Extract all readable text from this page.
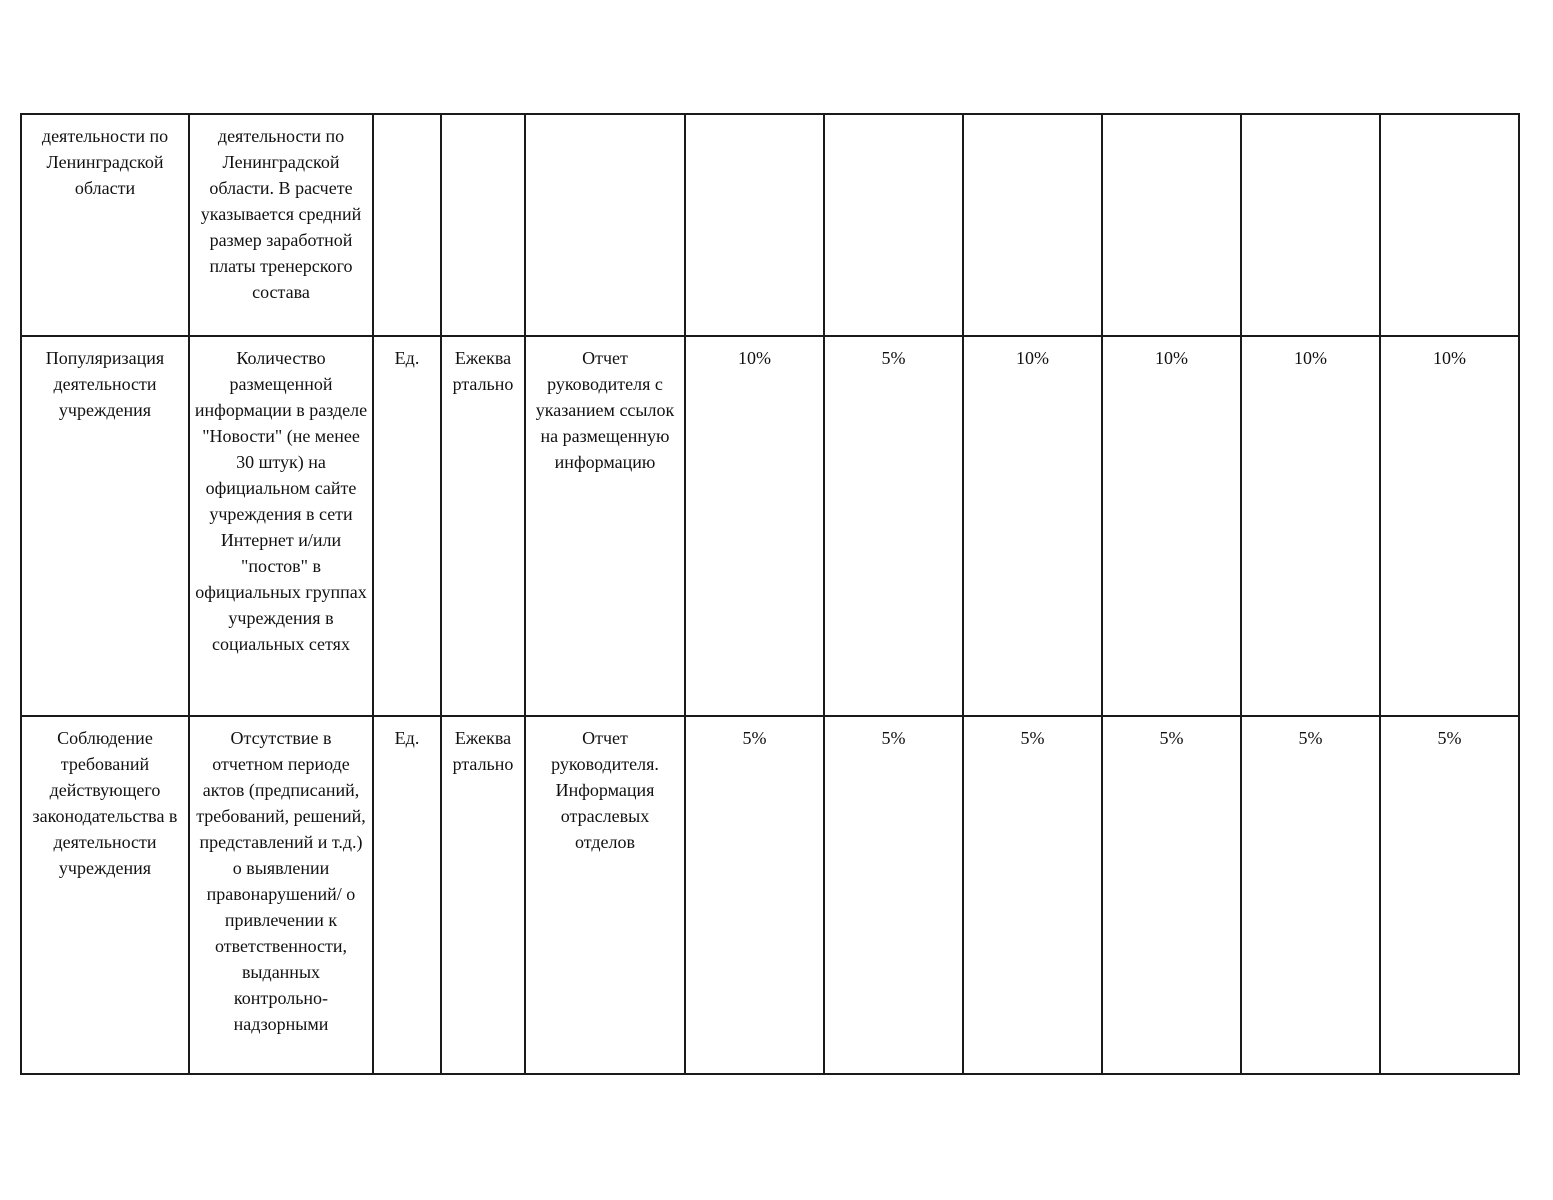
деятельности по Ленинградской области	деятельности по Ленинградской области. В расчете указывается средний размер заработной платы тренерского состава									

Популяризация деятельности учреждения	Количество размещенной информации в разделе "Новости" (не менее 30 штук) на официальном сайте учреждения в сети Интернет и/или "постов" в официальных группах учреждения в социальных сетях	Ед.	Ежеква ртально	Отчет руководителя с указанием ссылок на размещенную информацию	10%	5%	10%	10%	10%	10%

Соблюдение требований действующего законодательства в деятельности учреждения	Отсутствие в отчетном периоде актов (предписаний, требований, решений, представлений и т.д.) о выявлении правонарушений/ о привлечении к ответственности, выданных контрольно-надзорными	Ед.	Ежеква ртально	Отчет руководителя. Информация отраслевых отделов	5%	5%	5%	5%	5%	5%
